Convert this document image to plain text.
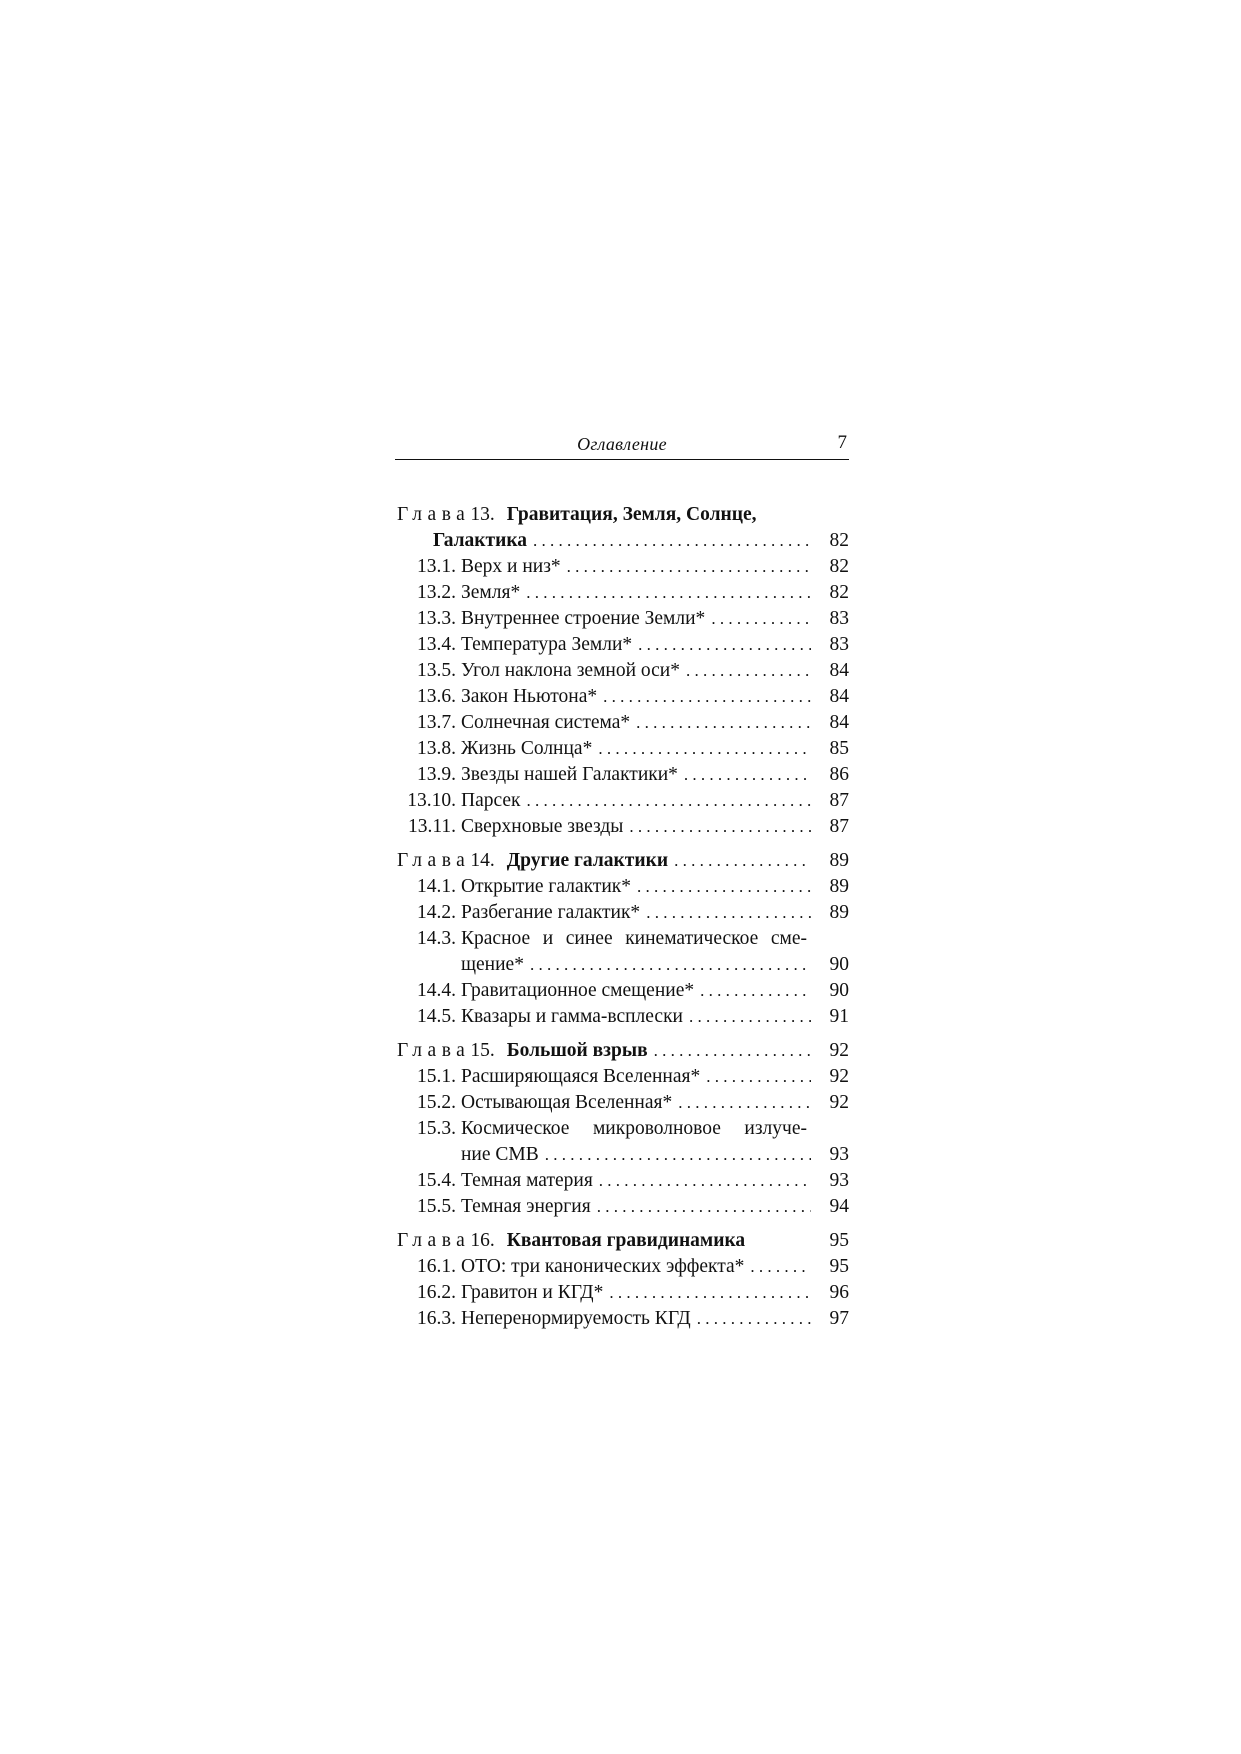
Оглавление	7
Глава 13. Гравитация, Земля, Солнце,
Галактика . . .	82
13.1. Верх и низ* . . .	82
13.2. Земля* . . .	82
13.3. Внутреннее строение Земли* . . .	83
13.4. Температура Земли* . . .	83
13.5. Угол наклона земной оси* . . .	84
13.6. Закон Ньютона* . . .	84
13.7. Солнечная система* . . .	84
13.8. Жизнь Солнца* . . .	85
13.9. Звезды нашей Галактики* . . .	86
13.10. Парсек . . .	87
13.11. Сверхновые звезды . . .	87
Глава 14. Другие галактики . . .	89
14.1. Открытие галактик* . . .	89
14.2. Разбегание галактик* . . .	89
14.3. Красное и синее кинематическое сме-
щение* . . .	90
14.4. Гравитационное смещение* . . .	90
14.5. Квазары и гамма-всплески . . .	91
Глава 15. Большой взрыв . . .	92
15.1. Расширяющаяся Вселенная* . . .	92
15.2. Остывающая Вселенная* . . .	92
15.3. Космическое микроволновое излуче-
ние CMB . . .	93
15.4. Темная материя . . .	93
15.5. Темная энергия . . .	94
Глава 16. Квантовая гравидинамика	95
16.1. ОТО: три канонических эффекта* . . .	95
16.2. Гравитон и КГД* . . .	96
16.3. Неперенормируемость КГД . . .	97
